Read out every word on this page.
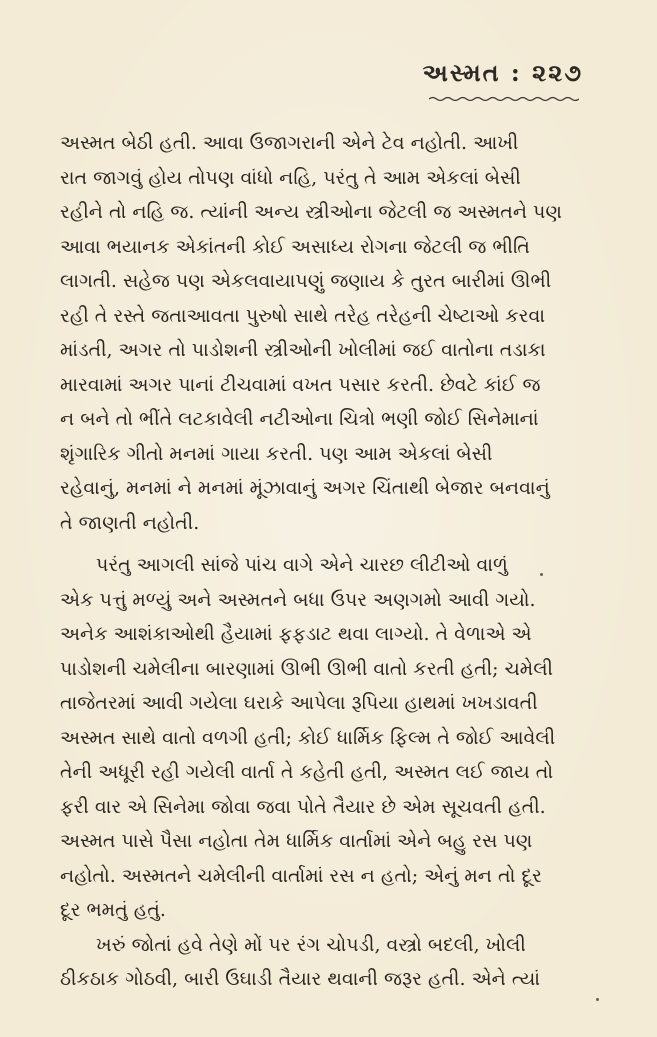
અસ્મત : ૨૨૭

અસ્મત બેઠી હતી. આવા ઉજાગરાની એને ટેવ નહોતી. આખી
રાત જાગવું હોય તોપણ વાંધો નહિ, પરંતુ તે આમ એકલાં બેસી
રહીને તો નહિ જ. ત્યાંની અન્ય સ્ત્રીઓના જેટલી જ અસ્મતને પણ
આવા ભયાનક એકાંતની કોઈ અસાધ્ય રોગના જેટલી જ ભીતિ
લાગતી. સહેજ પણ એકલવાયાપણું જણાય કે તુરત બારીમાં ઊભી
રહી તે રસ્તે જતાઆવતા પુરુષો સાથે તરેહ તરેહની ચેષ્ટાઓ કરવા
માંડતી, અગર તો પાડોશની સ્ત્રીઓની ખોલીમાં જઈ વાતોના તડાકા
મારવામાં અગર પાનાં ટીચવામાં વખત પસાર કરતી. છેવટે કાંઈ જ
ન બને તો ભીંતે લટકાવેલી નટીઓના ચિત્રો ભણી જોઈ સિનેમાનાં
શૃંગારિક ગીતો મનમાં ગાયા કરતી. પણ આમ એકલાં બેસી
રહેવાનું, મનમાં ને મનમાં મૂંઝાવાનું અગર ચિંતાથી બેજાર બનવાનું
તે જાણતી નહોતી.

પરંતુ આગલી સાંજે પાંચ વાગે એને ચારછ લીટીઓ વાળું
એક પત્તું મળ્યું અને અસ્મતને બધા ઉપર અણગમો આવી ગયો.
અનેક આશંકાઓથી હૈયામાં ફફડાટ થવા લાગ્યો. તે વેળાએ એ
પાડોશની ચમેલીના બારણામાં ઊભી ઊભી વાતો કરતી હતી; ચમેલી
તાજેતરમાં આવી ગયેલા ઘરાકે આપેલા રૂપિયા હાથમાં ખખડાવતી
અસ્મત સાથે વાતો વળગી હતી; કોઈ ધાર્મિક ફિલ્મ તે જોઈ આવેલી
તેની અધૂરી રહી ગયેલી વાર્તા તે કહેતી હતી, અસ્મત લઈ જાય તો
ફરી વાર એ સિનેમા જોવા જવા પોતે તૈયાર છે એમ સૂચવતી હતી.
અસ્મત પાસે પૈસા નહોતા તેમ ધાર્મિક વાર્તામાં એને બહુ રસ પણ
નહોતો. અસ્મતને ચમેલીની વાર્તામાં રસ ન હતો; એનું મન તો દૂર
દૂર ભમતું હતું.

ખરું જોતાં હવે તેણે મોં પર રંગ ચોપડી, વસ્ત્રો બદલી, ખોલી
ઠીકઠાક ગોઠવી, બારી ઉઘાડી તૈયાર થવાની જરૂર હતી. એને ત્યાં
